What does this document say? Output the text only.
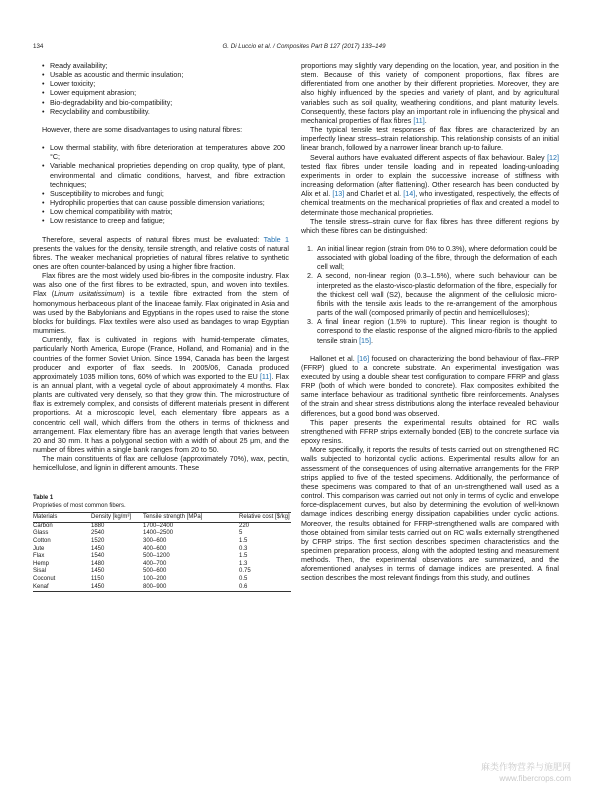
134	G. Di Luccio et al. / Composites Part B 127 (2017) 133–149
• Ready availability;
• Usable as acoustic and thermic insulation;
• Lower toxicity;
• Lower equipment abrasion;
• Bio-degradability and bio-compatibility;
• Recyclability and combustibility.

However, there are some disadvantages to using natural fibres:

• Low thermal stability, with fibre deterioration at temperatures above 200 °C;
• Variable mechanical proprieties depending on crop quality, type of plant, environmental and climatic conditions, harvest, and fibre extraction techniques;
• Susceptibility to microbes and fungi;
• Hydrophilic properties that can cause possible dimension variations;
• Low chemical compatibility with matrix;
• Low resistance to creep and fatigue;

Therefore, several aspects of natural fibres must be evaluated: Table 1 presents the values for the density, tensile strength, and relative costs of natural fibres. The weaker mechanical proprieties of natural fibres relative to synthetic ones are often counter-balanced by using a higher fibre fraction.

Flax fibres are the most widely used bio-fibres in the composite industry. Flax was also one of the first fibres to be extracted, spun, and woven into textiles. Flax (Linum usitatissimum) is a textile fibre extracted from the stem of homonymous herbaceous plant of the linaceae family. Flax originated in Asia and was used by the Babylonians and Egyptians in the ropes used to raise the stone blocks for buildings. Flax textiles were also used as bandages to wrap Egyptian mummies.

Currently, flax is cultivated in regions with humid-temperate climates, particularly North America, Europe (France, Holland, and Romania) and in the countries of the former Soviet Union. Since 1994, Canada has been the largest producer and exporter of flax seeds. In 2005/06, Canada produced approximately 1035 million tons, 60% of which was exported to the EU [11]. Flax is an annual plant, with a vegetal cycle of about approximately 4 months. Flax plants are cultivated very densely, so that they grow thin. The microstructure of flax is extremely complex, and consists of different materials present in different proportions. At a microscopic level, each elementary fibre appears as a concentric cell wall, which differs from the others in terms of thickness and arrangement. Flax elementary fibre has an average length that varies between 20 and 30 mm. It has a polygonal section with a width of about 25 μm, and the number of fibres within a single bank ranges from 20 to 50.

The main constituents of flax are cellulose (approximately 70%), wax, pectin, hemicellulose, and lignin in different amounts. These

Table 1
Proprieties of most common fibers.
Materials	Density [kg/m³]	Tensile strength [MPa]	Relative cost [$/kg]
Carbon	1880	1700–2400	220
Glass	2540	1400–2500	5
Cotton	1520	300–600	1.5
Jute	1450	400–600	0.3
Flax	1540	500–1200	1.5
Hemp	1480	400–700	1.3
Sisal	1450	500–600	0.75
Coconut	1150	100–200	0.5
Kenaf	1450	800–900	0.6

proportions may slightly vary depending on the location, year, and position in the stem. Because of this variety of component proportions, flax fibres are differentiated from one another by their different proprieties. Moreover, they are also highly influenced by the species and variety of plant, and by agricultural variables such as soil quality, weathering conditions, and plant maturity levels. Consequently, these factors play an important role in influencing the physical and mechanical properties of flax fibres [11].

The typical tensile test responses of flax fibres are characterized by an imperfectly linear stress–strain relationship. This relationship consists of an initial linear branch, followed by a narrower linear branch up-to failure.

Several authors have evaluated different aspects of flax behaviour. Baley [12] tested flax fibres under tensile loading and in repeated loading-unloading experiments in order to explain the successive increase of stiffness with increasing deformation (after flattening). Other research has been conducted by Alix et al. [13] and Charlet et al. [14], who investigated, respectively, the effects of chemical treatments on the mechanical proprieties of flax and created a model to determinate those mechanical proprieties.

The tensile stress–strain curve for flax fibres has three different regions by which these fibres can be distinguished:

1. An initial linear region (strain from 0% to 0.3%), where deformation could be associated with global loading of the fibre, through the deformation of each cell wall;
2. A second, non-linear region (0.3–1.5%), where such behaviour can be interpreted as the elasto-visco-plastic deformation of the fibre, especially for the thickest cell wall (S2), because the alignment of the cellulosic micro-fibrils with the tensile axis leads to the re-arrangement of the amorphous parts of the wall (composed primarily of pectin and hemicelluloses);
3. A final linear region (1.5% to rupture). This linear region is thought to correspond to the elastic response of the aligned micro-fibrils to the applied tensile strain [15].

Hallonet et al. [16] focused on characterizing the bond behaviour of flax–FRP (FFRP) glued to a concrete substrate. An experimental investigation was executed by using a double shear test configuration to compare FFRP and glass FRP (both of which were bonded to concrete). Flax composites exhibited the same interface behaviour as traditional synthetic fibre reinforcements. Analyses of the strain and shear stress distributions along the interface revealed behaviour differences, but a good bond was observed.

This paper presents the experimental results obtained for RC walls strengthened with FFRP strips externally bonded (EB) to the concrete surface via epoxy resins.

More specifically, it reports the results of tests carried out on strengthened RC walls subjected to horizontal cyclic actions. Experimental results allow for an assessment of the consequences of using alternative arrangements for the FRP strips applied to five of the tested specimens. Additionally, the performance of these specimens was compared to that of an un-strengthened wall used as a control. This comparison was carried out not only in terms of cyclic and envelope force-displacement curves, but also by determining the evolution of well-known damage indices describing energy dissipation capabilities under cyclic actions. Moreover, the results obtained for FFRP-strengthened walls are compared with those obtained from similar tests carried out on RC walls externally strengthened by CFRP strips. The first section describes specimen characteristics and the specimen preparation process, along with the adopted testing and measurement methods. Then, the experimental observations are summarized, and the aforementioned analyses in terms of damage indices are presented. A final section describes the most relevant findings from this study, and outlines

麻类作物营养与施肥网
www.fibercrops.com
